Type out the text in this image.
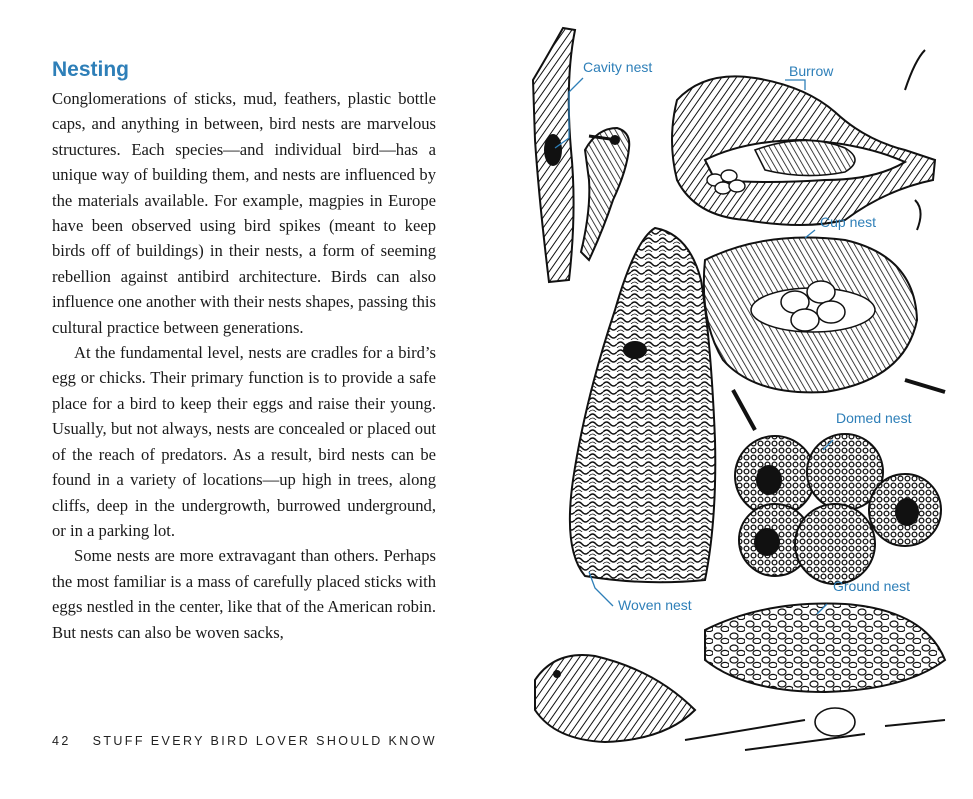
Nesting

Conglomerations of sticks, mud, feathers, plastic bottle caps, and anything in between, bird nests are marvelous structures. Each species—and individual bird—has a unique way of building them, and nests are influenced by the materials available. For example, magpies in Europe have been observed using bird spikes (meant to keep birds off of buildings) in their nests, a form of seeming rebellion against antibird architecture. Birds can also influence one another with their nests shapes, passing this cultural practice between generations.

At the fundamental level, nests are cradles for a bird’s egg or chicks. Their primary function is to provide a safe place for a bird to keep their eggs and raise their young. Usually, but not always, nests are concealed or placed out of the reach of predators. As a result, bird nests can be found in a variety of locations—up high in trees, along cliffs, deep in the undergrowth, burrowed underground, or in a parking lot.

Some nests are more extravagant than others. Perhaps the most familiar is a mass of carefully placed sticks with eggs nestled in the center, like that of the American robin. But nests can also be woven sacks,

42 STUFF EVERY BIRD LOVER SHOULD KNOW
Cavity nest	Burrow
Cup nest
Domed nest
Ground nest
Woven nest
